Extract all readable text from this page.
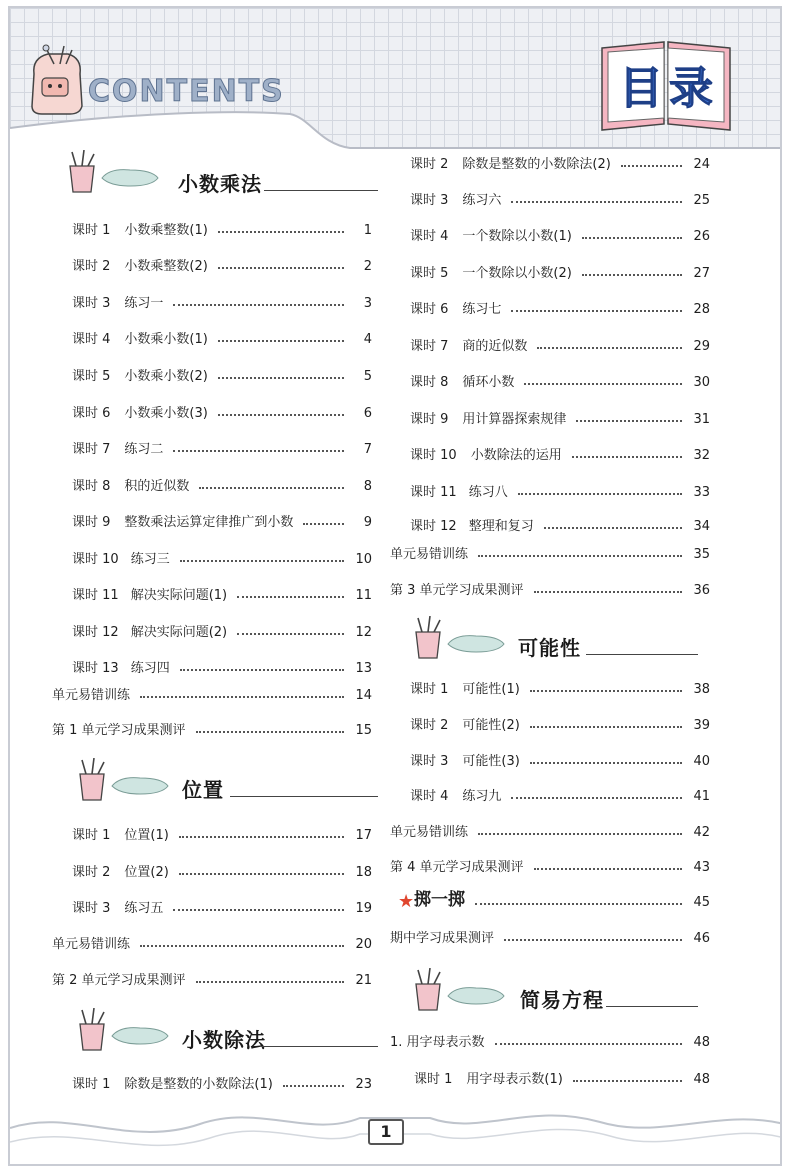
CONTENTS	目录
小数乘法
位置
小数除法
可能性
★
简易方程
课时 1 小数乘整数(1)	1
课时 2 小数乘整数(2)	2
课时 3 练习一	3
课时 4 小数乘小数(1)	4
课时 5 小数乘小数(2)	5
课时 6 小数乘小数(3)	6
课时 7 练习二	7
课时 8 积的近似数	8
课时 9 整数乘法运算定律推广到小数	9
课时 10 练习三	10
课时 11 解决实际问题(1)	11
课时 12 解决实际问题(2)	12
课时 13 练习四	13
单元易错训练	14
第 1 单元学习成果测评	15
课时 1 位置(1)	17
课时 2 位置(2)	18
课时 3 练习五	19
单元易错训练	20
第 2 单元学习成果测评	21
课时 1 除数是整数的小数除法(1)	23
课时 2 除数是整数的小数除法(2)	24
课时 3 练习六	25
课时 4 一个数除以小数(1)	26
课时 5 一个数除以小数(2)	27
课时 6 练习七	28
课时 7 商的近似数	29
课时 8 循环小数	30
课时 9 用计算器探索规律	31
课时 10 小数除法的运用	32
课时 11 练习八	33
课时 12 整理和复习	34
单元易错训练	35
第 3 单元学习成果测评	36
课时 1 可能性(1)	38
课时 2 可能性(2)	39
课时 3 可能性(3)	40
课时 4 练习九	41
单元易错训练	42
第 4 单元学习成果测评	43
掷一掷	45
期中学习成果测评	46
1. 用字母表示数	48
课时 1 用字母表示数(1)	48
1
